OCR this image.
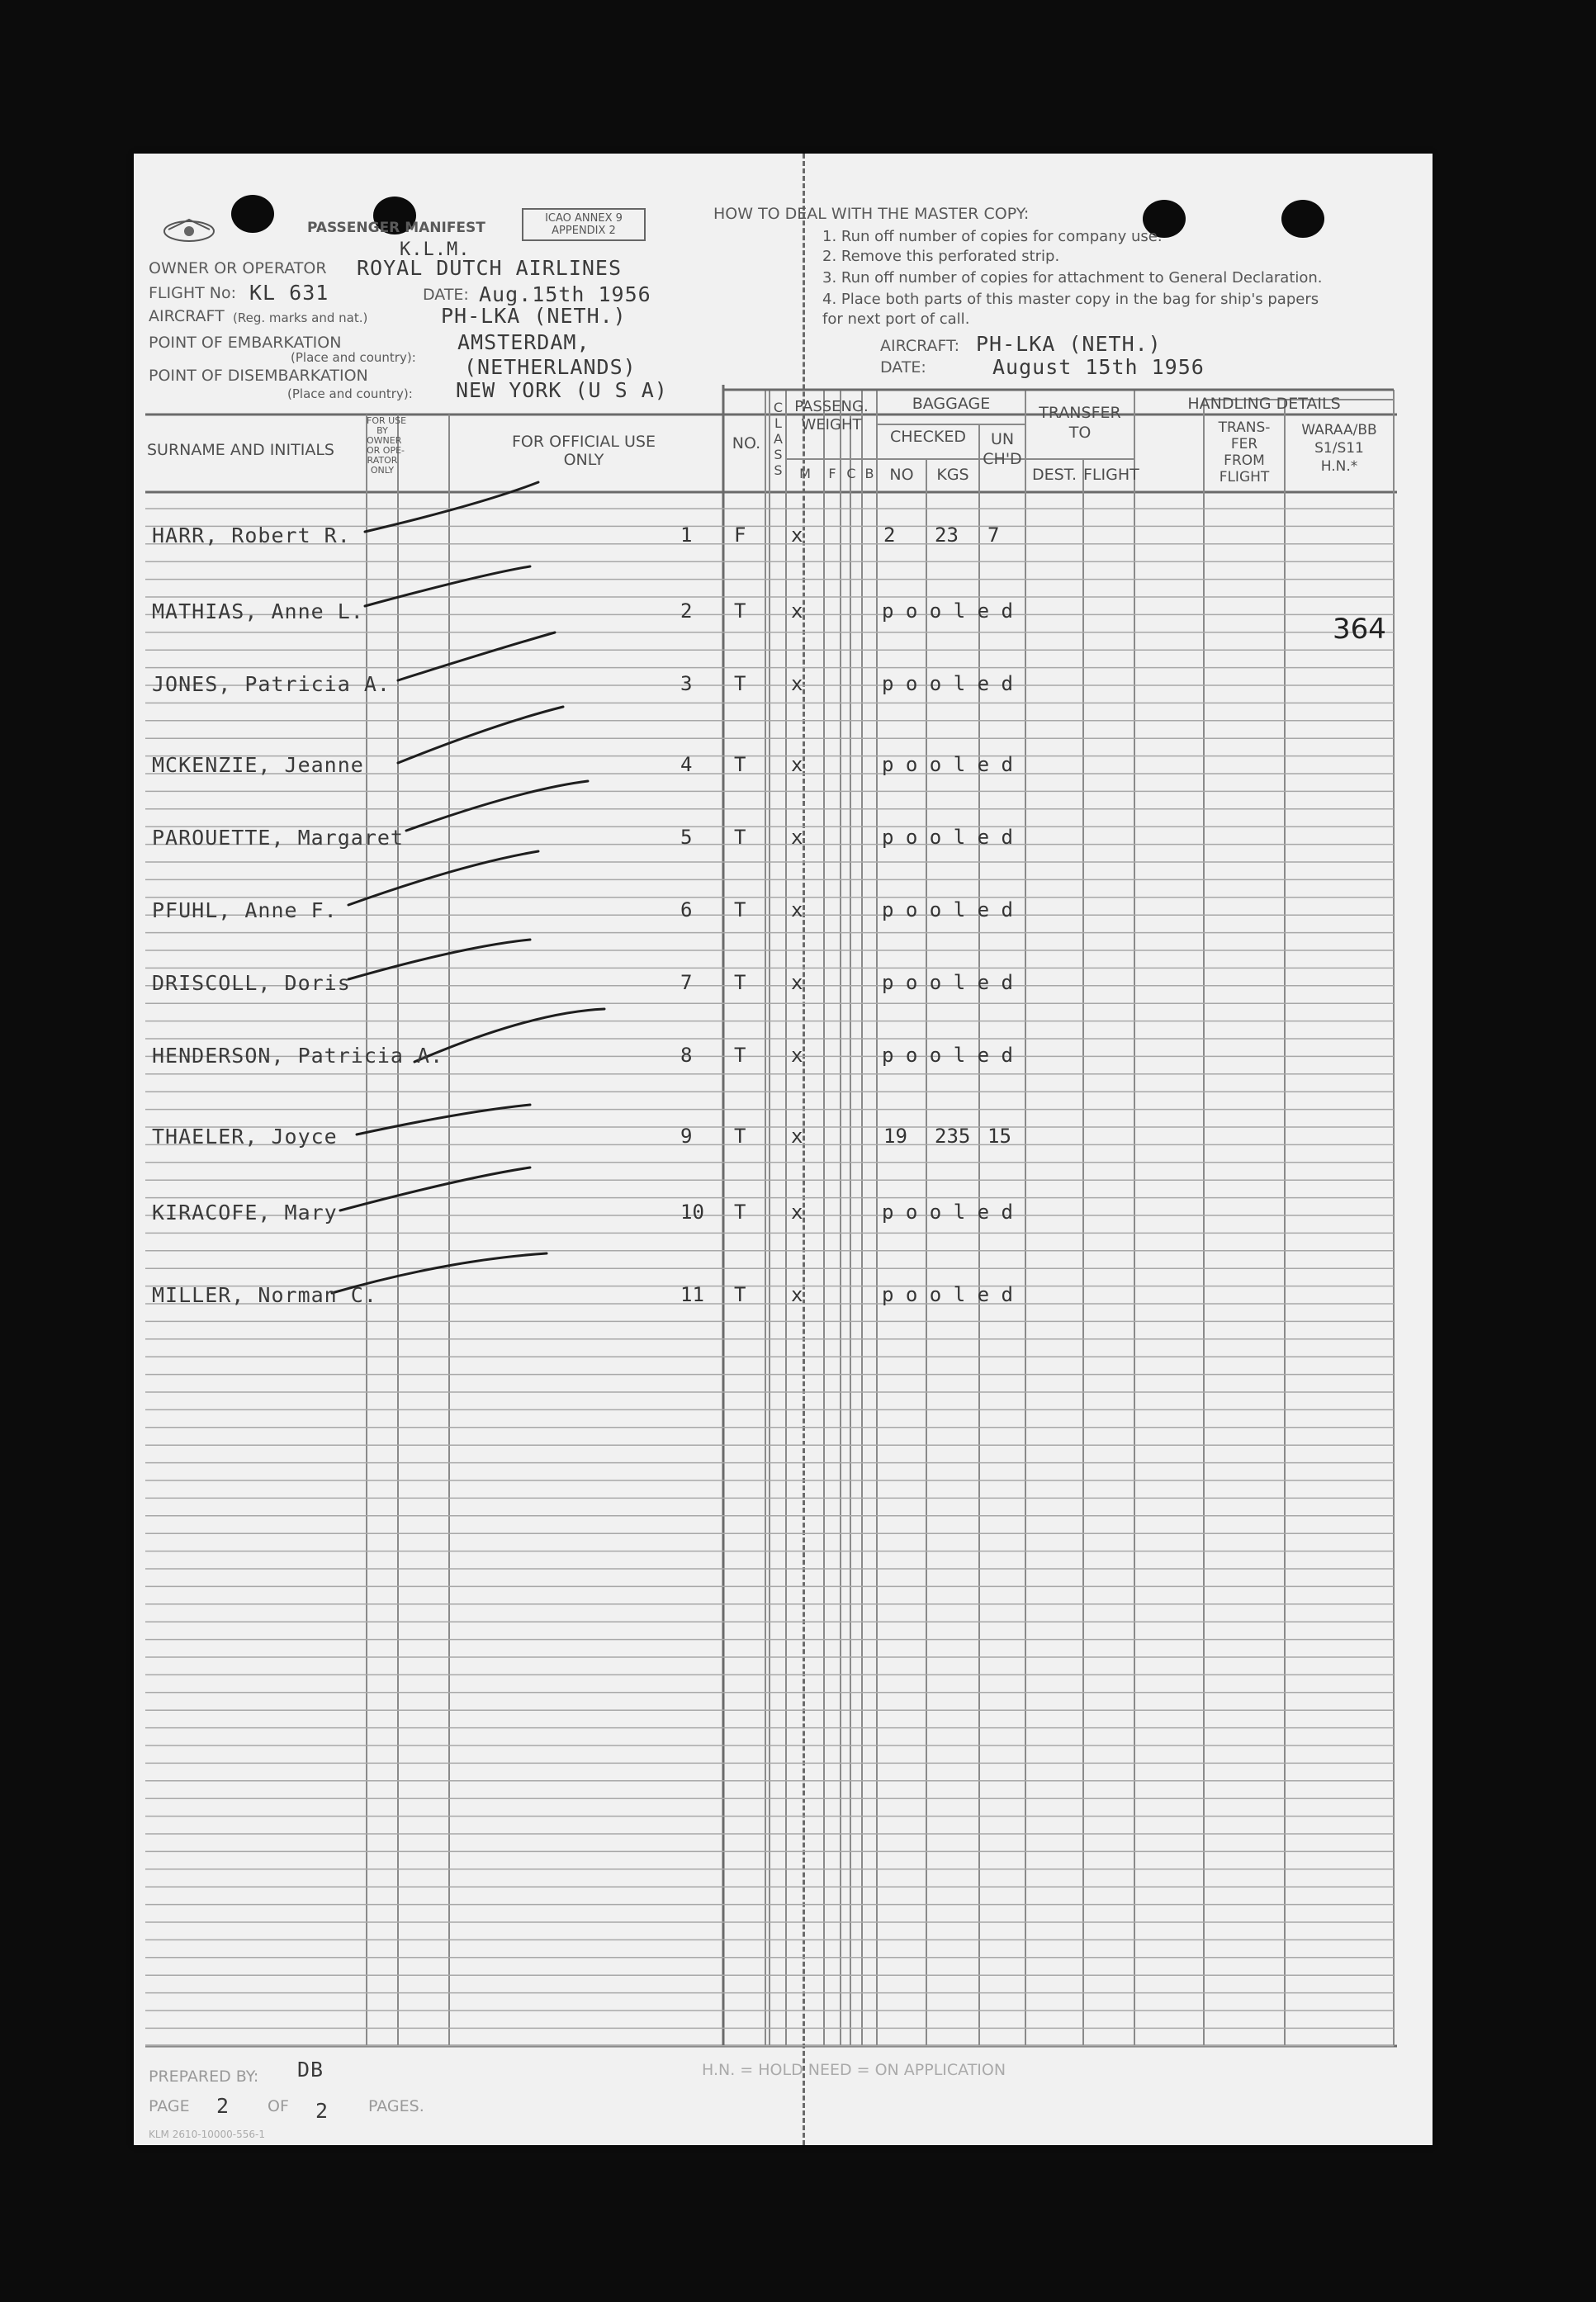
PASSENGER MANIFEST
ICAO ANNEX 9
APPENDIX 2
K.L.M.
OWNER OR OPERATOR ROYAL DUTCH AIRLINES
FLIGHT No: KL 631	DATE: Aug.15th 1956
AIRCRAFT (Reg. marks and nat.)	PH-LKA (NETH.)
POINT OF EMBARKATION
(Place and country):
AMSTERDAM,
(NETHERLANDS)
POINT OF DISEMBARKATION
(Place and country): NEW YORK (U S A)
HOW TO DEAL WITH THE MASTER COPY:
1. Run off number of copies for company use.
2. Remove this perforated strip.
3. Run off number of copies for attachment to General Declaration.
4. Place both parts of this master copy in the bag for ship's papers
for next port of call.
AIRCRAFT: PH-LKA (NETH.)
DATE:	August 15th 1956
SURNAME AND INITIALS
FOR USE
BY
OWNER
OR OPE-
RATOR
ONLY
FOR OFFICIAL USE
ONLY
NO. CLASS PASSENG.
WEIGHT
M	F C B
BAGGAGE
CHECKED
NO	KGS
UN
CH'D
TRANSFER
TO
DEST. FLIGHT
HANDLING DETAILS
TRANS-
FER
FROM
FLIGHT
WARAA/BB
S1/S11
H.N.*
HARR, Robert R.	1 F x	2 23 7
MATHIAS, Anne L.	2 T x	p o o l e d
JONES, Patricia A.	3 T x	p o o l e d
MCKENZIE, Jeanne	4 T x	p o o l e d
PAROUETTE, Margaret	5 T x	p o o l e d
PFUHL, Anne F.	6 T x	p o o l e d
DRISCOLL, Doris	7 T x	p o o l e d
HENDERSON, Patricia A.	8 T x	p o o l e d
THAELER, Joyce	9 T x	19 235 15
KIRACOFE, Mary	10 T x	p o o l e d
MILLER, Norman C.	11 T x	p o o l e d
364
PREPARED BY: DB
PAGE 2 OF 2	PAGES.
KLM 2610-10000-556-1
H.N. = HOLD NEED = ON APPLICATION
